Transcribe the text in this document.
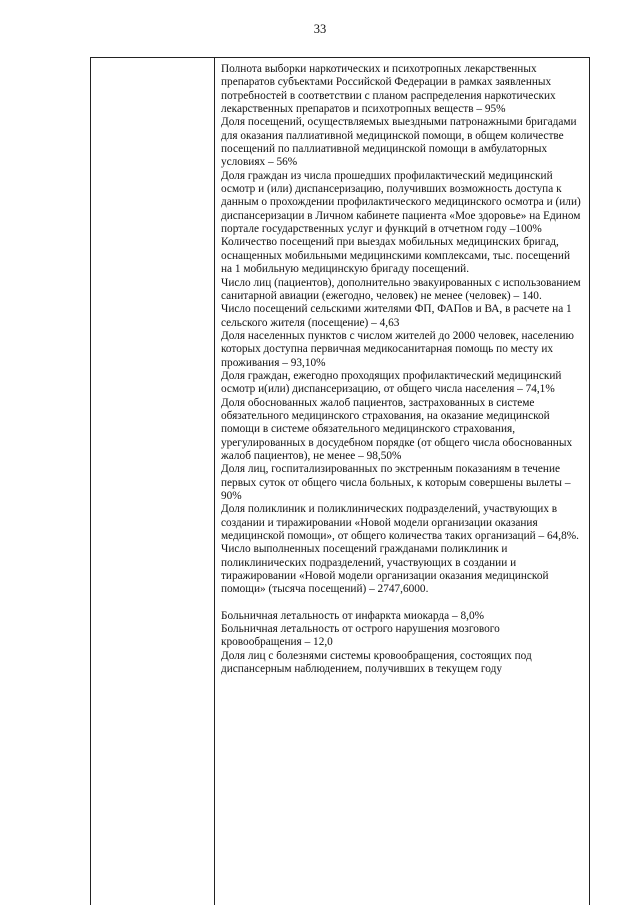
33

Полнота выборки наркотических и психотропных лекарственных препаратов субъектами Российской Федерации в рамках заявленных потребностей в соответствии с планом распределения наркотических лекарственных препаратов и психотропных веществ – 95%

Доля посещений, осуществляемых выездными патронажными бригадами для оказания паллиативной медицинской помощи, в общем количестве посещений по паллиативной медицинской помощи в амбулаторных условиях – 56%

Доля граждан из числа прошедших профилактический медицинский осмотр и (или) диспансеризацию, получивших возможность доступа к данным о прохождении профилактического медицинского осмотра и (или) диспансеризации в Личном кабинете пациента «Мое здоровье» на Едином портале государственных услуг и функций в отчетном году –100%

Количество посещений при выездах мобильных медицинских бригад, оснащенных мобильными медицинскими комплексами, тыс. посещений на 1 мобильную медицинскую бригаду посещений.

Число лиц (пациентов), дополнительно эвакуированных с использованием санитарной авиации (ежегодно, человек) не менее (человек) – 140.

Число посещений сельскими жителями ФП, ФАПов и ВА, в расчете на 1 сельского жителя (посещение) – 4,63

Доля населенных пунктов с числом жителей до 2000 человек, населению которых доступна первичная медикосанитарная помощь по месту их проживания – 93,10%

Доля граждан, ежегодно проходящих профилактический медицинский осмотр и(или) диспансеризацию, от общего числа населения – 74,1%

Доля обоснованных жалоб пациентов, застрахованных в системе обязательного медицинского страхования, на оказание медицинской помощи в системе обязательного медицинского страхования, урегулированных в досудебном порядке (от общего числа обоснованных жалоб пациентов), не менее – 98,50%

Доля лиц, госпитализированных по экстренным показаниям в течение первых суток от общего числа больных, к которым совершены вылеты – 90%

Доля поликлиник и поликлинических подразделений, участвующих в создании и тиражировании «Новой модели организации оказания медицинской помощи», от общего количества таких организаций – 64,8%.

Число выполненных посещений гражданами поликлиник и поликлинических подразделений, участвующих в создании и тиражировании «Новой модели организации оказания медицинской помощи» (тысяча посещений) – 2747,6000.

Больничная летальность от инфаркта миокарда – 8,0%

Больничная летальность от острого нарушения мозгового кровообращения – 12,0

Доля лиц с болезнями системы кровообращения, состоящих под диспансерным наблюдением, получивших в текущем году
